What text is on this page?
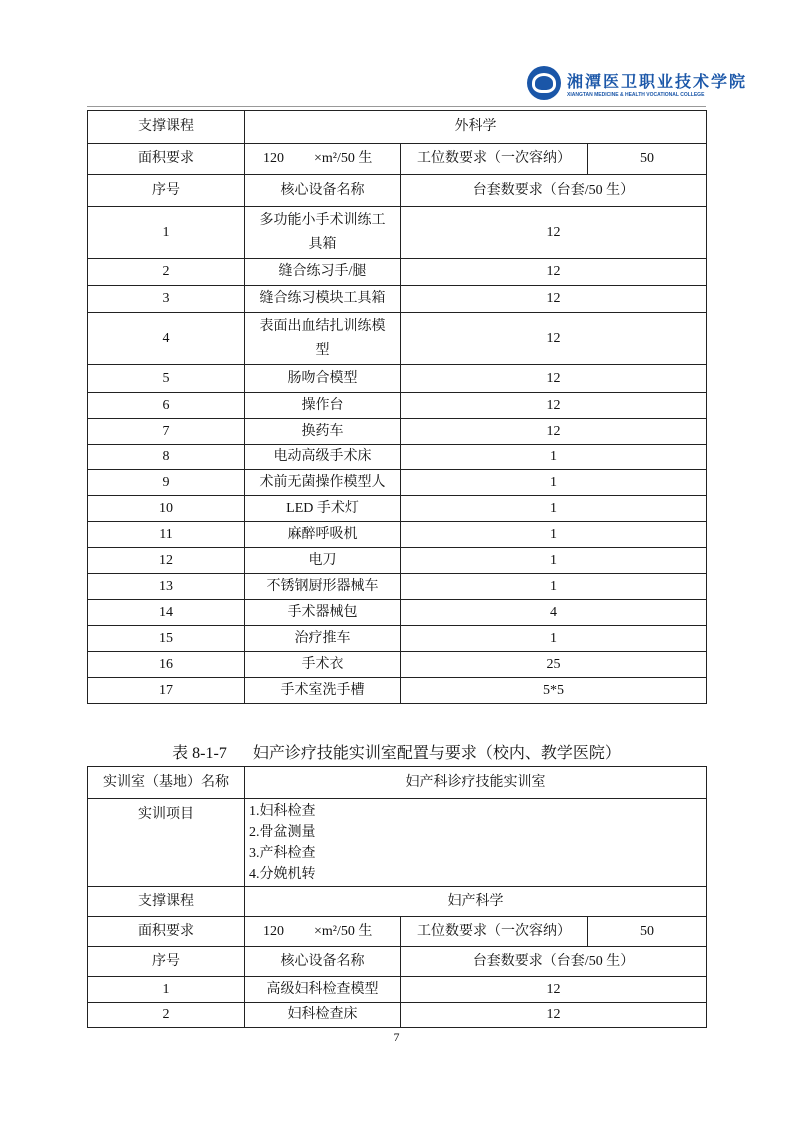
湘潭医卫职业技术学院
XIANGTAN MEDICINE & HEALTH VOCATIONAL COLLEGE
支撑课程	外科学		
面积要求	120 ×m²/50 生	工位数要求（一次容纳）	50
序号	核心设备名称	台套数要求（台套/50 生）	
1	多功能小手术训练工具箱	12	
2	缝合练习手/腿	12	
3	缝合练习模块工具箱	12	
4	表面出血结扎训练模型	12	
5	肠吻合模型	12	
6	操作台	12	
7	换药车	12	
8	电动高级手术床	1	
9	术前无菌操作模型人	1	
10	LED 手术灯	1	
11	麻醉呼吸机	1	
12	电刀	1	
13	不锈钢厨形器械车	1	
14	手术器械包	4	
15	治疗推车	1	
16	手术衣	25	
17	手术室洗手槽	5*5	
表 8-1-7 妇产诊疗技能实训室配置与要求（校内、教学医院）
实训室（基地）名称	妇产科诊疗技能实训室		
实训项目	1.妇科检查
2.骨盆测量
3.产科检查
4.分娩机转		

支撑课程	妇产科学		
面积要求	120 ×m²/50 生	工位数要求（一次容纳）	50
序号	核心设备名称	台套数要求（台套/50 生）	
1	高级妇科检查模型	12	
2	妇科检查床	12	
7
